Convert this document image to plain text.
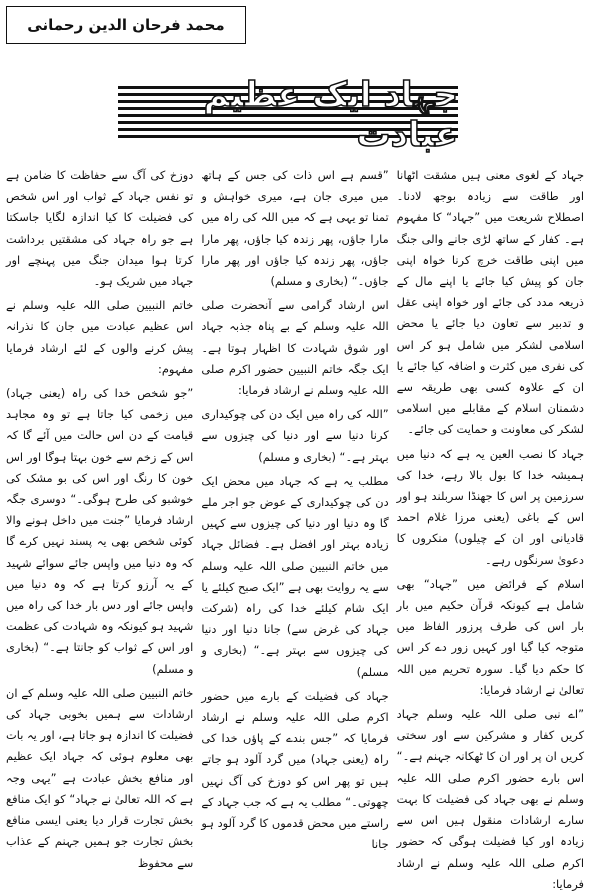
محمد فرحان الدین رحمانی
جہاد ایک عظیم عبادت

جہاد کے لغوی معنی ہیں مشقت اٹھانا اور طاقت سے زیادہ بوجھ لادنا۔ اصطلاح شریعت میں ”جہاد“ کا مفہوم ہے۔ کفار کے ساتھ لڑی جانے والی جنگ میں اپنی طاقت خرچ کرنا خواہ اپنی جان کو پیش کیا جائے یا اپنے مال کے ذریعہ مدد کی جائے اور خواہ اپنی عقل و تدبیر سے تعاون دیا جائے یا محض اسلامی لشکر میں شامل ہو کر اس کی نفری میں کثرت و اضافہ کیا جائے یا ان کے علاوہ کسی بھی طریقہ سے دشمنان اسلام کے مقابلے میں اسلامی لشکر کی معاونت و حمایت کی جائے۔

جہاد کا نصب العین یہ ہے کہ دنیا میں ہمیشہ خدا کا بول بالا رہے، خدا کی سرزمین پر اس کا جھنڈا سربلند ہو اور اس کے باغی (یعنی مرزا غلام احمد قادیانی اور ان کے چیلوں) منکروں کا دعویٰ سرنگوں رہے۔

اسلام کے فرائض میں ”جہاد“ بھی شامل ہے کیونکہ قرآن حکیم میں بار بار اس کی طرف پرزور الفاظ میں متوجہ کیا گیا اور کہیں زور دے کر اس کا حکم دیا گیا۔ سورہ تحریم میں اللہ تعالیٰ نے ارشاد فرمایا:

”اے نبی صلی اللہ علیہ وسلم جہاد کریں کفار و مشرکین سے اور سختی کریں ان پر اور ان کا ٹھکانہ جہنم ہے۔“ اس بارے حضور اکرم صلی اللہ علیہ وسلم نے بھی جہاد کی فضیلت کا بہت سارے ارشادات منقول ہیں اس سے زیادہ اور کیا فضیلت ہوگی کہ حضور اکرم صلی اللہ علیہ وسلم نے ارشاد فرمایا:

”قسم ہے اس ذات کی جس کے ہاتھ میں میری جان ہے، میری خواہش و تمنا تو یہی ہے کہ میں اللہ کی راہ میں مارا جاؤں، پھر زندہ کیا جاؤں، پھر مارا جاؤں، پھر زندہ کیا جاؤں اور پھر مارا جاؤں۔“ (بخاری و مسلم)

اس ارشاد گرامی سے آنحضرت صلی اللہ علیہ وسلم کے بے پناہ جذبہ جہاد اور شوق شہادت کا اظہار ہوتا ہے۔ ایک جگہ خاتم النبیین حضور اکرم صلی اللہ علیہ وسلم نے ارشاد فرمایا:

”اللہ کی راہ میں ایک دن کی چوکیداری کرنا دنیا سے اور دنیا کی چیزوں سے بہتر ہے۔“ (بخاری و مسلم)

مطلب یہ ہے کہ جہاد میں محض ایک دن کی چوکیداری کے عوض جو اجر ملے گا وہ دنیا اور دنیا کی چیزوں سے کہیں زیادہ بہتر اور افضل ہے۔ فضائل جہاد میں خاتم النبیین صلی اللہ علیہ وسلم سے یہ روایت بھی ہے ”ایک صبح کیلئے یا ایک شام کیلئے خدا کی راہ (شرکت جہاد کی غرض سے) جانا دنیا اور دنیا کی چیزوں سے بہتر ہے۔“ (بخاری و مسلم)

جہاد کی فضیلت کے بارے میں حضور اکرم صلی اللہ علیہ وسلم نے ارشاد فرمایا کہ ”جس بندے کے پاؤں خدا کی راہ (یعنی جہاد) میں گرد آلود ہو جاتے ہیں تو پھر اس کو دوزخ کی آگ نہیں چھوتی۔“ مطلب یہ ہے کہ جب جہاد کے راستے میں محض قدموں کا گرد آلود ہو جانا

دوزخ کی آگ سے حفاظت کا ضامن ہے تو نفس جہاد کے ثواب اور اس شخص کی فضیلت کا کیا اندازہ لگایا جاسکتا ہے جو راہ جہاد کی مشقتیں برداشت کرتا ہوا میدان جنگ میں پہنچے اور جہاد میں شریک ہو۔

خاتم النبیین صلی اللہ علیہ وسلم نے اس عظیم عبادت میں جان کا نذرانہ پیش کرنے والوں کے لئے ارشاد فرمایا مفہوم:

”جو شخص خدا کی راہ (یعنی جہاد) میں زخمی کیا جاتا ہے تو وہ مجاہد قیامت کے دن اس حالت میں آئے گا کہ اس کے زخم سے خون بہتا ہوگا اور اس خون کا رنگ اور اس کی بو مشک کی خوشبو کی طرح ہوگی۔“ دوسری جگہ ارشاد فرمایا ”جنت میں داخل ہونے والا کوئی شخص بھی یہ پسند نہیں کرے گا کہ وہ دنیا میں واپس جائے سوائے شہید کے یہ آرزو کرتا ہے کہ وہ دنیا میں واپس جائے اور دس بار خدا کی راہ میں شہید ہو کیونکہ وہ شہادت کی عظمت اور اس کے ثواب کو جانتا ہے۔“ (بخاری و مسلم)

خاتم النبیین صلی اللہ علیہ وسلم کے ان ارشادات سے ہمیں بخوبی جہاد کی فضیلت کا اندازہ ہو جاتا ہے، اور یہ بات بھی معلوم ہوئی کہ جہاد ایک عظیم اور منافع بخش عبادت ہے ”یہی وجہ ہے کہ اللہ تعالیٰ نے جہاد“ کو ایک منافع بخش تجارت قرار دیا یعنی ایسی منافع بخش تجارت جو ہمیں جہنم کے عذاب سے محفوظ
